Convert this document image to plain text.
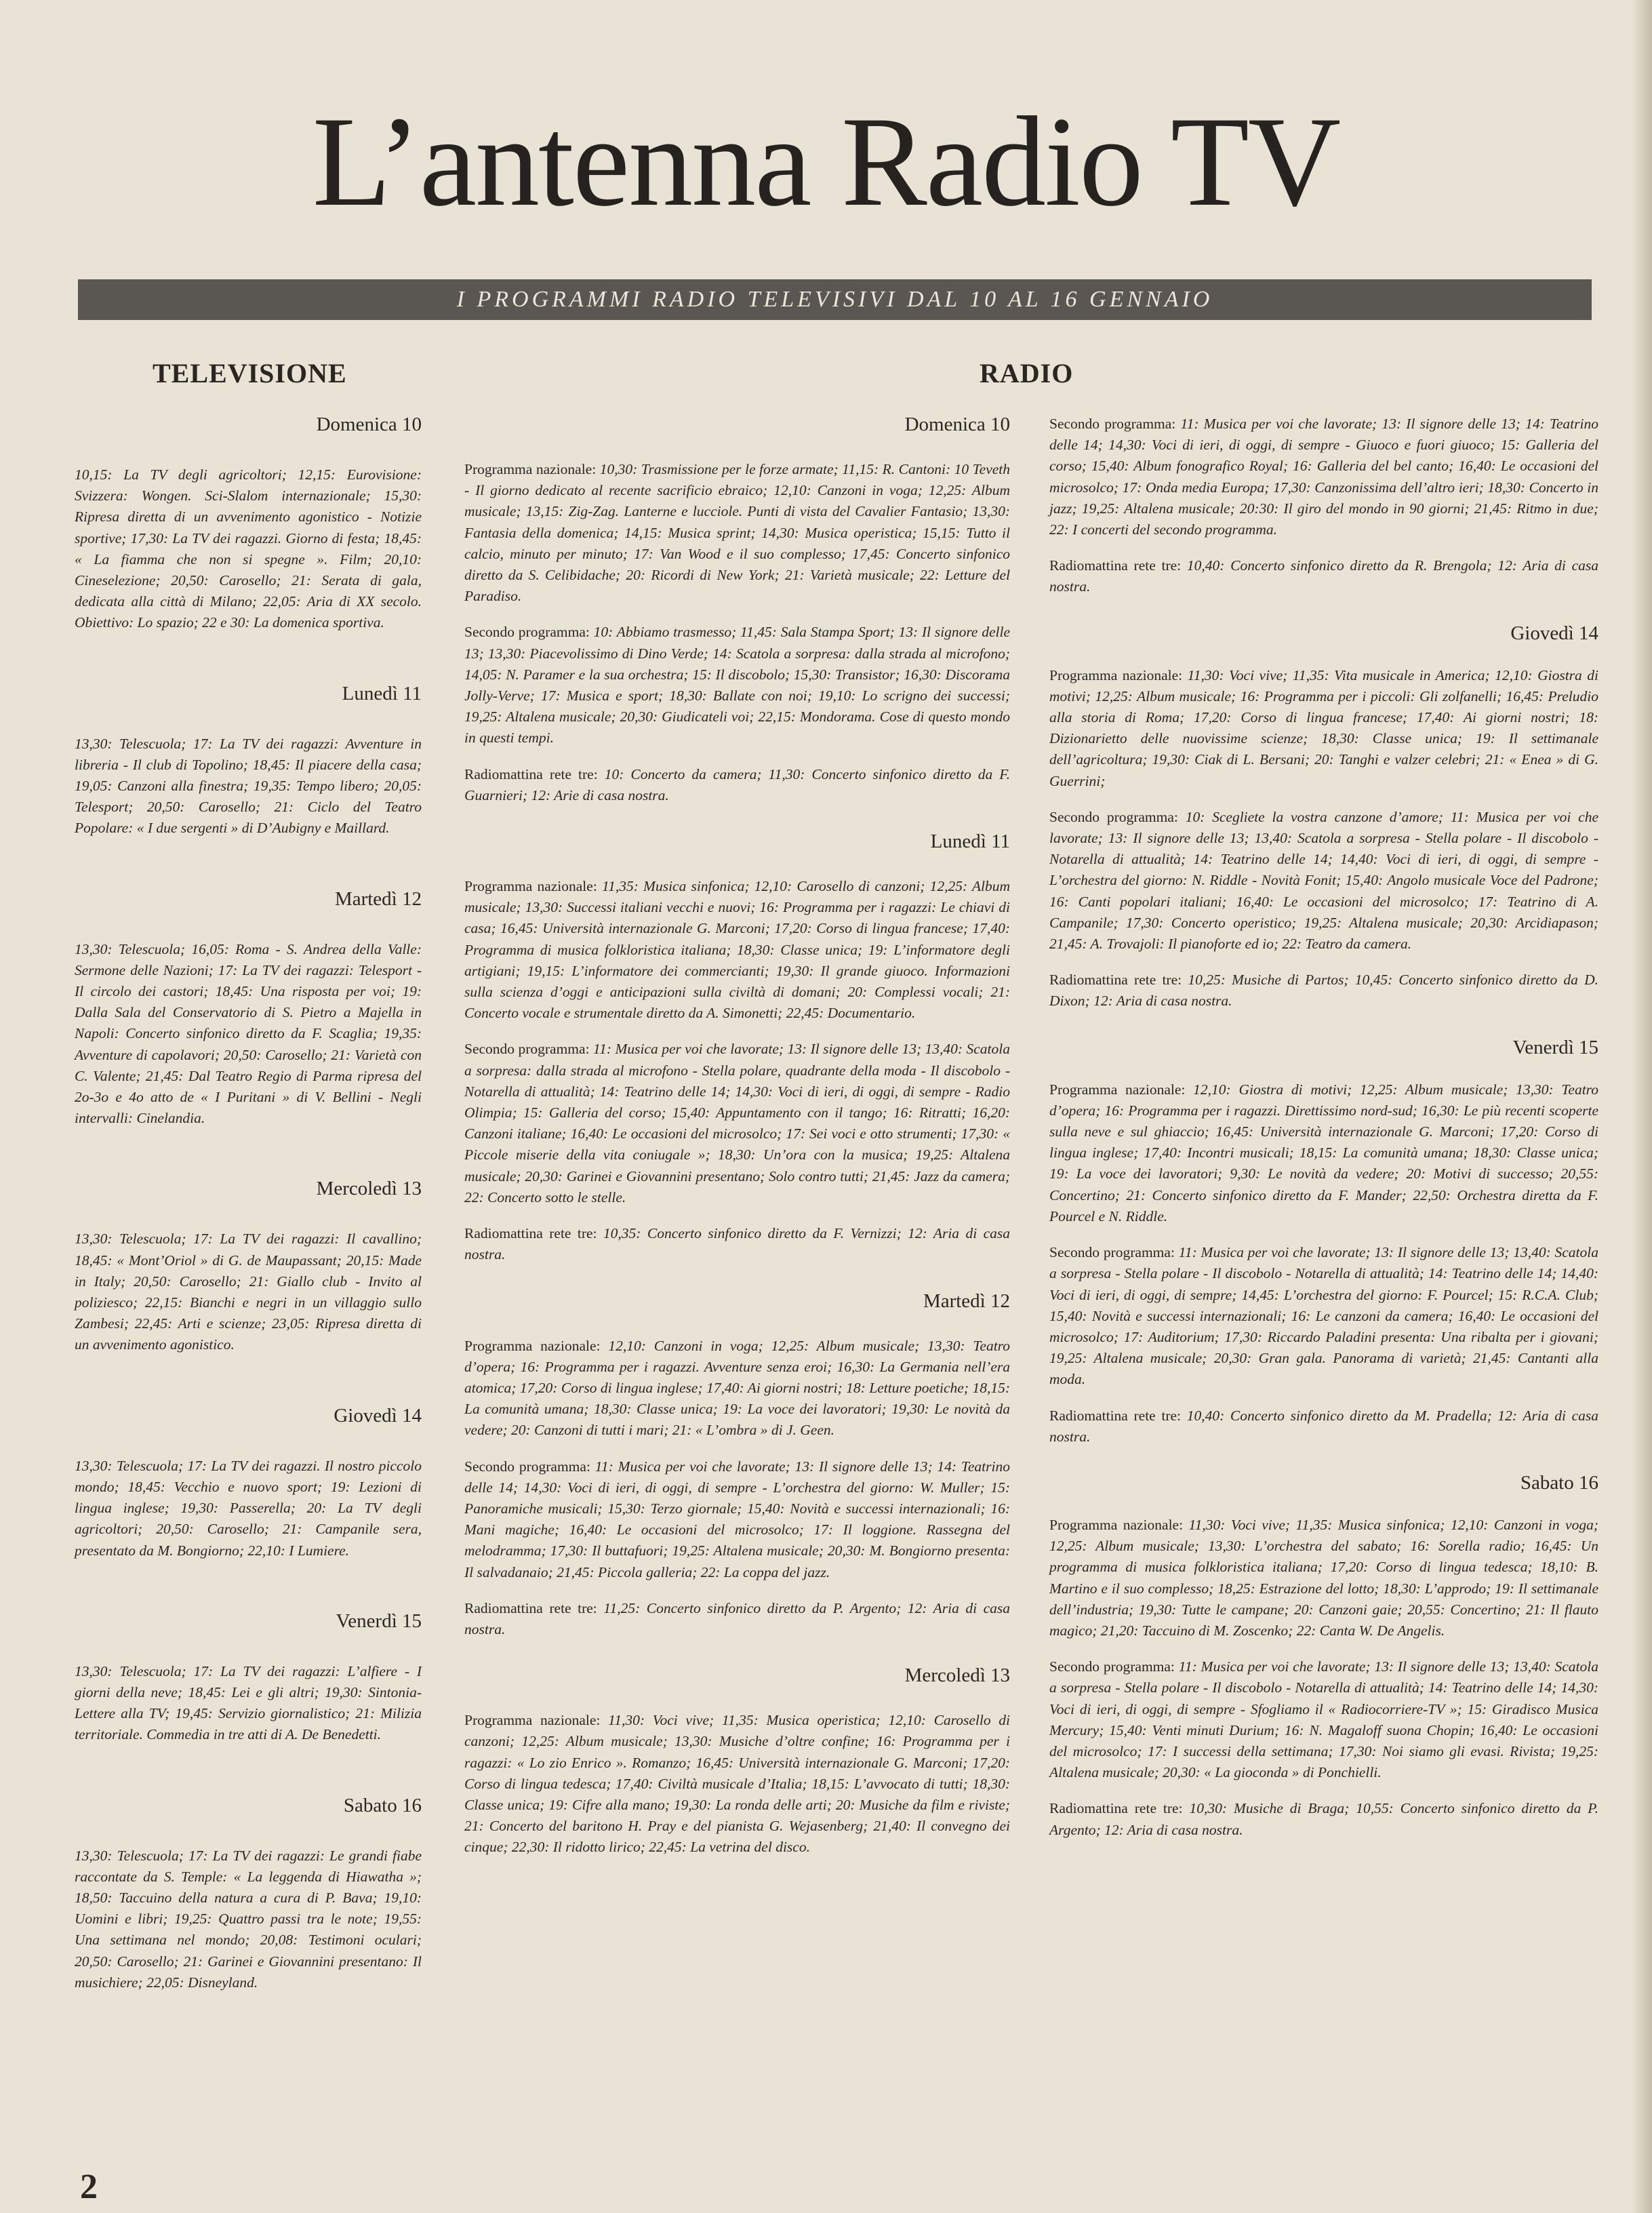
L’antenna Radio TV
I PROGRAMMI RADIO TELEVISIVI DAL 10 AL 16 GENNAIO
TELEVISIONE	RADIO
Domenica 10

10,15: La TV degli agricoltori; 12,15: Eurovisione: Svizzera: Wongen. Sci-Slalom internazionale; 15,30: Ripresa diretta di un avvenimento agonistico - Notizie sportive; 17,30: La TV dei ragazzi. Giorno di festa; 18,45: « La fiamma che non si spegne ». Film; 20,10: Cineselezione; 20,50: Carosello; 21: Serata di gala, dedicata alla città di Milano; 22,05: Aria di XX secolo. Obiettivo: Lo spazio; 22 e 30: La domenica sportiva.

Lunedì 11

13,30: Telescuola; 17: La TV dei ragazzi: Avventure in libreria - Il club di Topolino; 18,45: Il piacere della casa; 19,05: Canzoni alla finestra; 19,35: Tempo libero; 20,05: Telesport; 20,50: Carosello; 21: Ciclo del Teatro Popolare: « I due sergenti » di D’Aubigny e Maillard.

Martedì 12

13,30: Telescuola; 16,05: Roma - S. Andrea della Valle: Sermone delle Nazioni; 17: La TV dei ragazzi: Telesport - Il circolo dei castori; 18,45: Una risposta per voi; 19: Dalla Sala del Conservatorio di S. Pietro a Majella in Napoli: Concerto sinfonico diretto da F. Scaglia; 19,35: Avventure di capolavori; 20,50: Carosello; 21: Varietà con C. Valente; 21,45: Dal Teatro Regio di Parma ripresa del 2o-3o e 4o atto de « I Puritani » di V. Bellini - Negli intervalli: Cinelandia.

Mercoledì 13

13,30: Telescuola; 17: La TV dei ragazzi: Il cavallino; 18,45: « Mont’Oriol » di G. de Maupassant; 20,15: Made in Italy; 20,50: Carosello; 21: Giallo club - Invito al poliziesco; 22,15: Bianchi e negri in un villaggio sullo Zambesi; 22,45: Arti e scienze; 23,05: Ripresa diretta di un avvenimento agonistico.

Giovedì 14

13,30: Telescuola; 17: La TV dei ragazzi. Il nostro piccolo mondo; 18,45: Vecchio e nuovo sport; 19: Lezioni di lingua inglese; 19,30: Passerella; 20: La TV degli agricoltori; 20,50: Carosello; 21: Campanile sera, presentato da M. Bongiorno; 22,10: I Lumiere.

Venerdì 15

13,30: Telescuola; 17: La TV dei ragazzi: L’alfiere - I giorni della neve; 18,45: Lei e gli altri; 19,30: Sintonia-Lettere alla TV; 19,45: Servizio giornalistico; 21: Milizia territoriale. Commedia in tre atti di A. De Benedetti.

Sabato 16

13,30: Telescuola; 17: La TV dei ragazzi: Le grandi fiabe raccontate da S. Temple: « La leggenda di Hiawatha »; 18,50: Taccuino della natura a cura di P. Bava; 19,10: Uomini e libri; 19,25: Quattro passi tra le note; 19,55: Una settimana nel mondo; 20,08: Testimoni oculari; 20,50: Carosello; 21: Garinei e Giovannini presentano: Il musichiere; 22,05: Disneyland.

Domenica 10

Programma nazionale: 10,30: Trasmissione per le forze armate; 11,15: R. Cantoni: 10 Teveth - Il giorno dedicato al recente sacrificio ebraico; 12,10: Canzoni in voga; 12,25: Album musicale; 13,15: Zig-Zag. Lanterne e lucciole. Punti di vista del Cavalier Fantasio; 13,30: Fantasia della domenica; 14,15: Musica sprint; 14,30: Musica operistica; 15,15: Tutto il calcio, minuto per minuto; 17: Van Wood e il suo complesso; 17,45: Concerto sinfonico diretto da S. Celibidache; 20: Ricordi di New York; 21: Varietà musicale; 22: Letture del Paradiso.

Secondo programma: 10: Abbiamo trasmesso; 11,45: Sala Stampa Sport; 13: Il signore delle 13; 13,30: Piacevolissimo di Dino Verde; 14: Scatola a sorpresa: dalla strada al microfono; 14,05: N. Paramer e la sua orchestra; 15: Il discobolo; 15,30: Transistor; 16,30: Discorama Jolly-Verve; 17: Musica e sport; 18,30: Ballate con noi; 19,10: Lo scrigno dei successi; 19,25: Altalena musicale; 20,30: Giudicateli voi; 22,15: Mondorama. Cose di questo mondo in questi tempi.

Radiomattina rete tre: 10: Concerto da camera; 11,30: Concerto sinfonico diretto da F. Guarnieri; 12: Arie di casa nostra.

Lunedì 11

Programma nazionale: 11,35: Musica sinfonica; 12,10: Carosello di canzoni; 12,25: Album musicale; 13,30: Successi italiani vecchi e nuovi; 16: Programma per i ragazzi: Le chiavi di casa; 16,45: Università internazionale G. Marconi; 17,20: Corso di lingua francese; 17,40: Programma di musica folkloristica italiana; 18,30: Classe unica; 19: L’informatore degli artigiani; 19,15: L’informatore dei commercianti; 19,30: Il grande giuoco. Informazioni sulla scienza d’oggi e anticipazioni sulla civiltà di domani; 20: Complessi vocali; 21: Concerto vocale e strumentale diretto da A. Simonetti; 22,45: Documentario.

Secondo programma: 11: Musica per voi che lavorate; 13: Il signore delle 13; 13,40: Scatola a sorpresa: dalla strada al microfono - Stella polare, quadrante della moda - Il discobolo - Notarella di attualità; 14: Teatrino delle 14; 14,30: Voci di ieri, di oggi, di sempre - Radio Olimpia; 15: Galleria del corso; 15,40: Appuntamento con il tango; 16: Ritratti; 16,20: Canzoni italiane; 16,40: Le occasioni del microsolco; 17: Sei voci e otto strumenti; 17,30: « Piccole miserie della vita coniugale »; 18,30: Un’ora con la musica; 19,25: Altalena musicale; 20,30: Garinei e Giovannini presentano; Solo contro tutti; 21,45: Jazz da camera; 22: Concerto sotto le stelle.

Radiomattina rete tre: 10,35: Concerto sinfonico diretto da F. Vernizzi; 12: Aria di casa nostra.

Martedì 12

Programma nazionale: 12,10: Canzoni in voga; 12,25: Album musicale; 13,30: Teatro d’opera; 16: Programma per i ragazzi. Avventure senza eroi; 16,30: La Germania nell’era atomica; 17,20: Corso di lingua inglese; 17,40: Ai giorni nostri; 18: Letture poetiche; 18,15: La comunità umana; 18,30: Classe unica; 19: La voce dei lavoratori; 19,30: Le novità da vedere; 20: Canzoni di tutti i mari; 21: « L’ombra » di J. Geen.

Secondo programma: 11: Musica per voi che lavorate; 13: Il signore delle 13; 14: Teatrino delle 14; 14,30: Voci di ieri, di oggi, di sempre - L’orchestra del giorno: W. Muller; 15: Panoramiche musicali; 15,30: Terzo giornale; 15,40: Novità e successi internazionali; 16: Mani magiche; 16,40: Le occasioni del microsolco; 17: Il loggione. Rassegna del melodramma; 17,30: Il buttafuori; 19,25: Altalena musicale; 20,30: M. Bongiorno presenta: Il salvadanaio; 21,45: Piccola galleria; 22: La coppa del jazz.

Radiomattina rete tre: 11,25: Concerto sinfonico diretto da P. Argento; 12: Aria di casa nostra.

Mercoledì 13

Programma nazionale: 11,30: Voci vive; 11,35: Musica operistica; 12,10: Carosello di canzoni; 12,25: Album musicale; 13,30: Musiche d’oltre confine; 16: Programma per i ragazzi: « Lo zio Enrico ». Romanzo; 16,45: Università internazionale G. Marconi; 17,20: Corso di lingua tedesca; 17,40: Civiltà musicale d’Italia; 18,15: L’avvocato di tutti; 18,30: Classe unica; 19: Cifre alla mano; 19,30: La ronda delle arti; 20: Musiche da film e riviste; 21: Concerto del baritono H. Pray e del pianista G. Wejasenberg; 21,40: Il convegno dei cinque; 22,30: Il ridotto lirico; 22,45: La vetrina del disco.

Secondo programma: 11: Musica per voi che lavorate; 13: Il signore delle 13; 14: Teatrino delle 14; 14,30: Voci di ieri, di oggi, di sempre - Giuoco e fuori giuoco; 15: Galleria del corso; 15,40: Album fonografico Royal; 16: Galleria del bel canto; 16,40: Le occasioni del microsolco; 17: Onda media Europa; 17,30: Canzonissima dell’altro ieri; 18,30: Concerto in jazz; 19,25: Altalena musicale; 20:30: Il giro del mondo in 90 giorni; 21,45: Ritmo in due; 22: I concerti del secondo programma.

Radiomattina rete tre: 10,40: Concerto sinfonico diretto da R. Brengola; 12: Aria di casa nostra.

Giovedì 14

Programma nazionale: 11,30: Voci vive; 11,35: Vita musicale in America; 12,10: Giostra di motivi; 12,25: Album musicale; 16: Programma per i piccoli: Gli zolfanelli; 16,45: Preludio alla storia di Roma; 17,20: Corso di lingua francese; 17,40: Ai giorni nostri; 18: Dizionarietto delle nuovissime scienze; 18,30: Classe unica; 19: Il settimanale dell’agricoltura; 19,30: Ciak di L. Bersani; 20: Tanghi e valzer celebri; 21: « Enea » di G. Guerrini;

Secondo programma: 10: Scegliete la vostra canzone d’amore; 11: Musica per voi che lavorate; 13: Il signore delle 13; 13,40: Scatola a sorpresa - Stella polare - Il discobolo - Notarella di attualità; 14: Teatrino delle 14; 14,40: Voci di ieri, di oggi, di sempre - L’orchestra del giorno: N. Riddle - Novità Fonit; 15,40: Angolo musicale Voce del Padrone; 16: Canti popolari italiani; 16,40: Le occasioni del microsolco; 17: Teatrino di A. Campanile; 17,30: Concerto operistico; 19,25: Altalena musicale; 20,30: Arcidiapason; 21,45: A. Trovajoli: Il pianoforte ed io; 22: Teatro da camera.

Radiomattina rete tre: 10,25: Musiche di Partos; 10,45: Concerto sinfonico diretto da D. Dixon; 12: Aria di casa nostra.

Venerdì 15

Programma nazionale: 12,10: Giostra di motivi; 12,25: Album musicale; 13,30: Teatro d’opera; 16: Programma per i ragazzi. Direttissimo nord-sud; 16,30: Le più recenti scoperte sulla neve e sul ghiaccio; 16,45: Università internazionale G. Marconi; 17,20: Corso di lingua inglese; 17,40: Incontri musicali; 18,15: La comunità umana; 18,30: Classe unica; 19: La voce dei lavoratori; 9,30: Le novità da vedere; 20: Motivi di successo; 20,55: Concertino; 21: Concerto sinfonico diretto da F. Mander; 22,50: Orchestra diretta da F. Pourcel e N. Riddle.

Secondo programma: 11: Musica per voi che lavorate; 13: Il signore delle 13; 13,40: Scatola a sorpresa - Stella polare - Il discobolo - Notarella di attualità; 14: Teatrino delle 14; 14,40: Voci di ieri, di oggi, di sempre; 14,45: L’orchestra del giorno: F. Pourcel; 15: R.C.A. Club; 15,40: Novità e successi internazionali; 16: Le canzoni da camera; 16,40: Le occasioni del microsolco; 17: Auditorium; 17,30: Riccardo Paladini presenta: Una ribalta per i giovani; 19,25: Altalena musicale; 20,30: Gran gala. Panorama di varietà; 21,45: Cantanti alla moda.

Radiomattina rete tre: 10,40: Concerto sinfonico diretto da M. Pradella; 12: Aria di casa nostra.

Sabato 16

Programma nazionale: 11,30: Voci vive; 11,35: Musica sinfonica; 12,10: Canzoni in voga; 12,25: Album musicale; 13,30: L’orchestra del sabato; 16: Sorella radio; 16,45: Un programma di musica folkloristica italiana; 17,20: Corso di lingua tedesca; 18,10: B. Martino e il suo complesso; 18,25: Estrazione del lotto; 18,30: L’approdo; 19: Il settimanale dell’industria; 19,30: Tutte le campane; 20: Canzoni gaie; 20,55: Concertino; 21: Il flauto magico; 21,20: Taccuino di M. Zoscenko; 22: Canta W. De Angelis.

Secondo programma: 11: Musica per voi che lavorate; 13: Il signore delle 13; 13,40: Scatola a sorpresa - Stella polare - Il discobolo - Notarella di attualità; 14: Teatrino delle 14; 14,30: Voci di ieri, di oggi, di sempre - Sfogliamo il « Radiocorriere-TV »; 15: Giradisco Musica Mercury; 15,40: Venti minuti Durium; 16: N. Magaloff suona Chopin; 16,40: Le occasioni del microsolco; 17: I successi della settimana; 17,30: Noi siamo gli evasi. Rivista; 19,25: Altalena musicale; 20,30: « La gioconda » di Ponchielli.

Radiomattina rete tre: 10,30: Musiche di Braga; 10,55: Concerto sinfonico diretto da P. Argento; 12: Aria di casa nostra.

2
